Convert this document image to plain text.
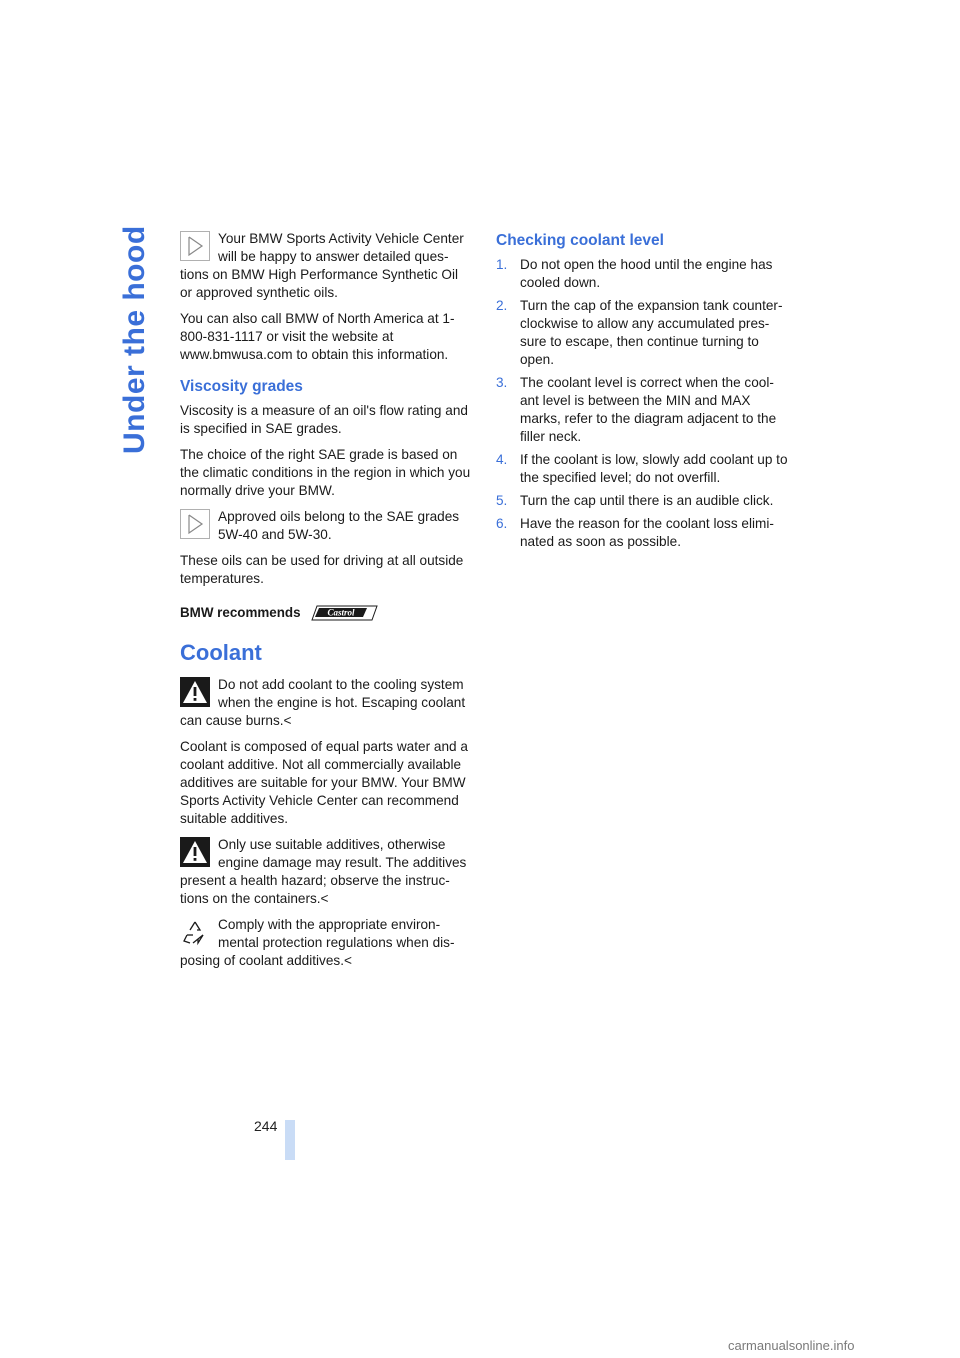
Under the hood	Your BMW Sports Activity Vehicle Center will be happy to answer detailed ques-tions on BMW High Performance Synthetic Oil or approved synthetic oils.

You can also call BMW of North America at 1-800-831-1117 or visit the website at www.bmwusa.com to obtain this information.

Viscosity grades

Viscosity is a measure of an oil's flow rating and is specified in SAE grades.

The choice of the right SAE grade is based on the climatic conditions in the region in which you normally drive your BMW.

Approved oils belong to the SAE grades 5W-40 and 5W-30.

These oils can be used for driving at all outside temperatures.

BMW recommends	Castrol
Coolant

Do not add coolant to the cooling system when the engine is hot. Escaping coolant can cause burns.<

Coolant is composed of equal parts water and a coolant additive. Not all commercially available additives are suitable for your BMW. Your BMW Sports Activity Vehicle Center can recommend suitable additives.

Only use suitable additives, otherwise engine damage may result. The additives present a health hazard; observe the instruc-tions on the containers.<

Comply with the appropriate environ-mental protection regulations when dis-posing of coolant additives.<

Checking coolant level
1. Do not open the hood until the engine has cooled down.
2. Turn the cap of the expansion tank counter-clockwise to allow any accumulated pres-sure to escape, then continue turning to open.
3. The coolant level is correct when the cool-ant level is between the MIN and MAX marks, refer to the diagram adjacent to the filler neck.
4. If the coolant is low, slowly add coolant up to the specified level; do not overfill.
5. Turn the cap until there is an audible click.
6. Have the reason for the coolant loss elimi-nated as soon as possible.
244
carmanualsonline.info
